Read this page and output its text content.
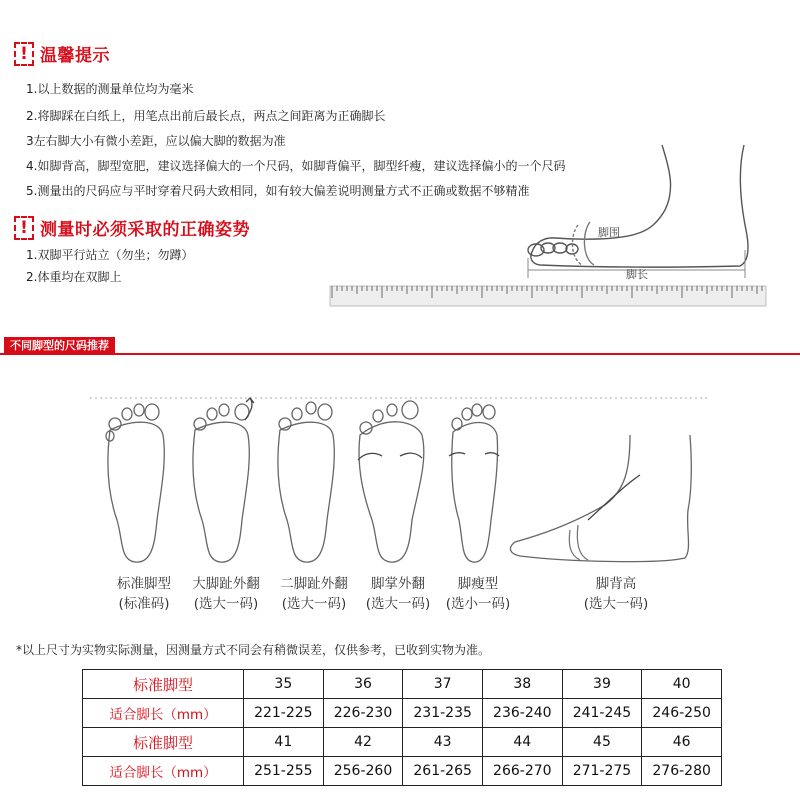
! 温馨提示
1.以上数据的测量单位均为毫米
2.将脚踩在白纸上，用笔点出前后最长点，两点之间距离为正确脚长
3左右脚大小有微小差距，应以偏大脚的数据为准
4.如脚背高，脚型宽肥，建议选择偏大的一个尺码，如脚背偏平，脚型纤瘦，建议选择偏小的一个尺码
5.测量出的尺码应与平时穿着尺码大致相同，如有较大偏差说明测量方式不正确或数据不够精准
! 测量时必须采取的正确姿势
1.双脚平行站立（勿坐；勿蹲）
2.体重均在双脚上
脚围
脚长
不同脚型的尺码推荐
标准脚型
(标准码)
大脚趾外翻
(选大一码)
二脚趾外翻
(选大一码)
脚掌外翻
(选大一码)
脚瘦型
(选小一码)
脚背高
(选大一码)
*以上尺寸为实物实际测量，因测量方式不同会有稍微误差，仅供参考，已收到实物为准。
标准脚型	35	36	37	38	39	40
适合脚长（mm）	221-225	226-230	231-235	236-240	241-245	246-250
标准脚型	41	42	43	44	45	46
适合脚长（mm）	251-255	256-260	261-265	266-270	271-275	276-280
